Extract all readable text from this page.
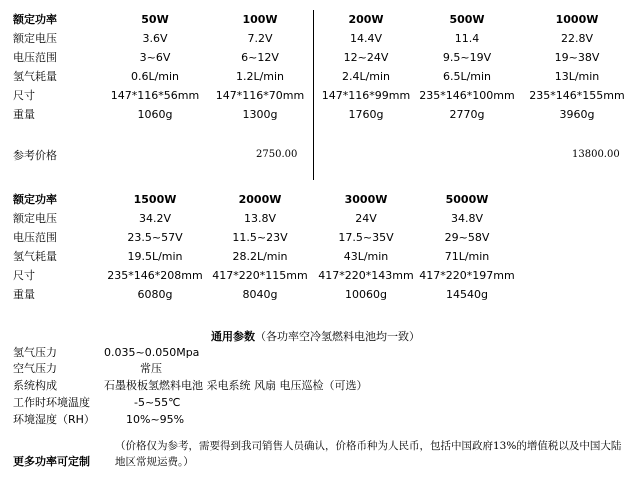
额定功率	50W	100W	200W	500W	1000W
额定电压	3.6V	7.2V	14.4V	11.4	22.8V
电压范围	3~6V	6~12V	12~24V	9.5~19V	19~38V
氢气耗量	0.6L/min	1.2L/min	2.4L/min	6.5L/min	13L/min
尺寸	147*116*56mm	147*116*70mm	147*116*99mm 235*146*100mm 235*146*155mm
重量	1060g	1300g	1760g	2770g	3960g
参考价格	2750.00	13800.00
额定功率	1500W	2000W	3000W	5000W
额定电压	34.2V	13.8V	24V	34.8V
电压范围	23.5~57V	11.5~23V	17.5~35V	29~58V
氢气耗量	19.5L/min	28.2L/min	43L/min	71L/min
尺寸	235*146*208mm 417*220*115mm 417*220*143mm 417*220*197mm
重量	6080g	8040g	10060g	14540g
通用参数（各功率空冷氢燃料电池均一致）
氢气压力	0.035~0.050Mpa
空气压力	常压
系统构成	石墨极板氢燃料电池 采电系统 风扇 电压巡检（可选）
工作时环境温度	-5~55℃
环境湿度（RH）	10%~95%
更多功率可定制
（价格仅为参考，需要得到我司销售人员确认，价格币种为人民币，包括中国政府13%的增值税以及中国大陆地区常规运费。）
